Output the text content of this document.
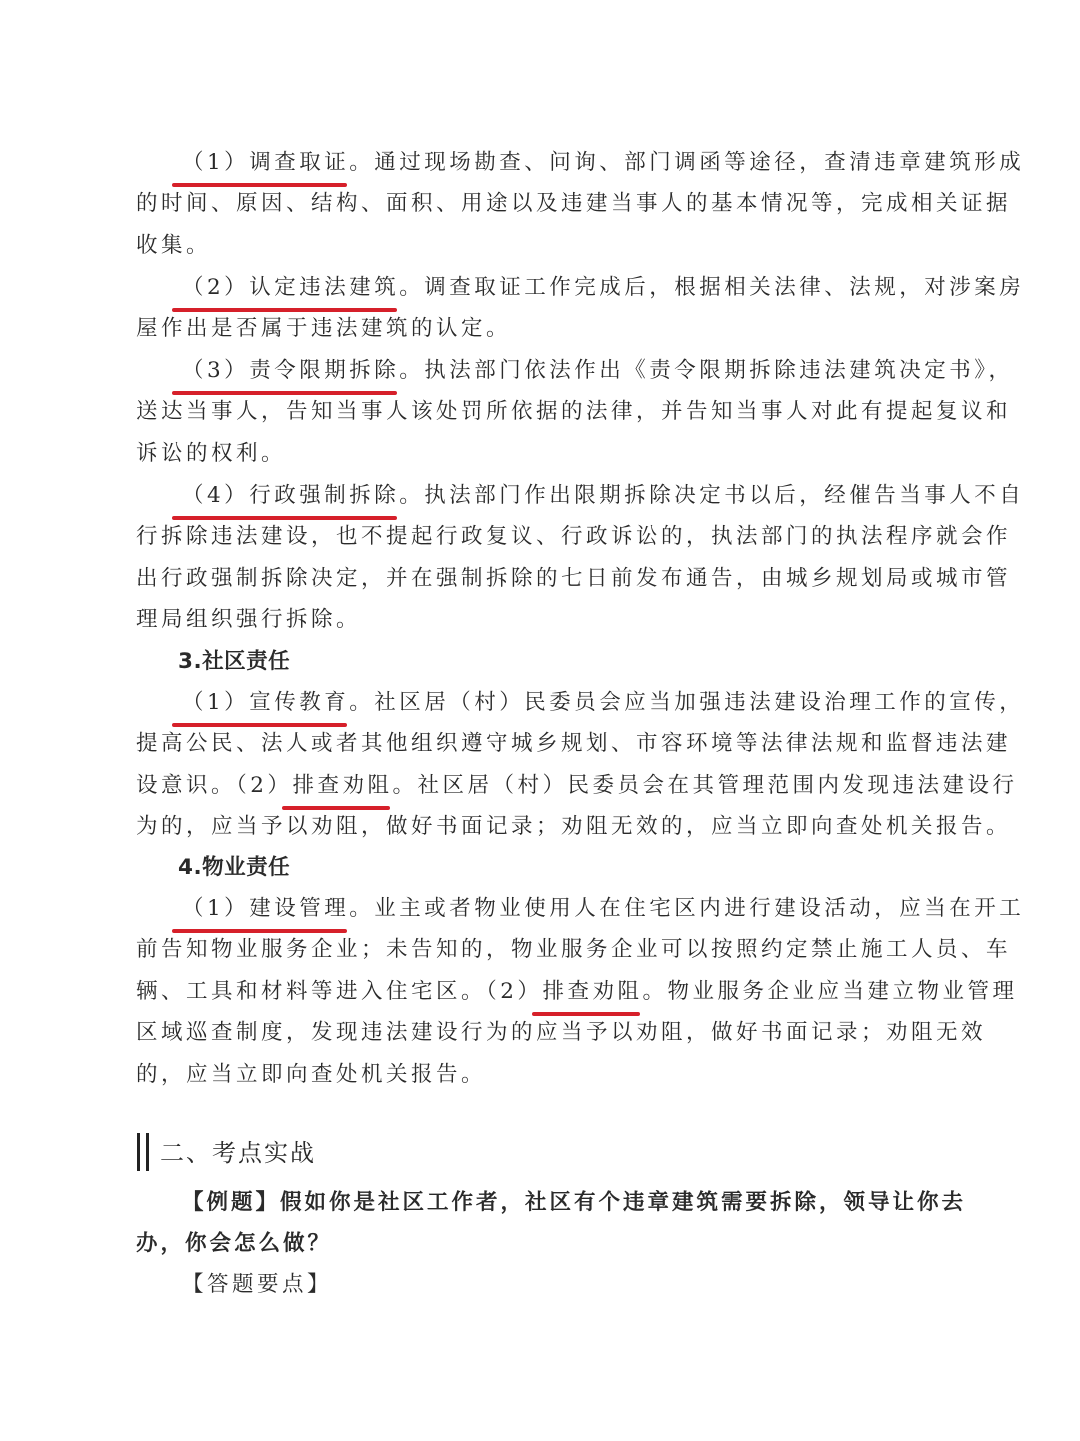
（1）调查取证。通过现场勘查、问询、部门调函等途径，查清违章建筑形成
的时间、原因、结构、面积、用途以及违建当事人的基本情况等，完成相关证据
收集。
（2）认定违法建筑。调查取证工作完成后，根据相关法律、法规，对涉案房
屋作出是否属于违法建筑的认定。
（3）责令限期拆除。执法部门依法作出《责令限期拆除违法建筑决定书》，
送达当事人，告知当事人该处罚所依据的法律，并告知当事人对此有提起复议和
诉讼的权利。
（4）行政强制拆除。执法部门作出限期拆除决定书以后，经催告当事人不自
行拆除违法建设，也不提起行政复议、行政诉讼的，执法部门的执法程序就会作
出行政强制拆除决定，并在强制拆除的七日前发布通告，由城乡规划局或城市管
理局组织强行拆除。
3.社区责任
（1）宣传教育。社区居（村）民委员会应当加强违法建设治理工作的宣传，
提高公民、法人或者其他组织遵守城乡规划、市容环境等法律法规和监督违法建
设意识。（2）排查劝阻。社区居（村）民委员会在其管理范围内发现违法建设行
为的，应当予以劝阻，做好书面记录；劝阻无效的，应当立即向查处机关报告。
4.物业责任
（1）建设管理。业主或者物业使用人在住宅区内进行建设活动，应当在开工
前告知物业服务企业；未告知的，物业服务企业可以按照约定禁止施工人员、车
辆、工具和材料等进入住宅区。（2）排查劝阻。物业服务企业应当建立物业管理
区域巡查制度，发现违法建设行为的应当予以劝阻，做好书面记录；劝阻无效
的，应当立即向查处机关报告。
二、考点实战
【例题】假如你是社区工作者，社区有个违章建筑需要拆除，领导让你去
办，你会怎么做？
【答题要点】
